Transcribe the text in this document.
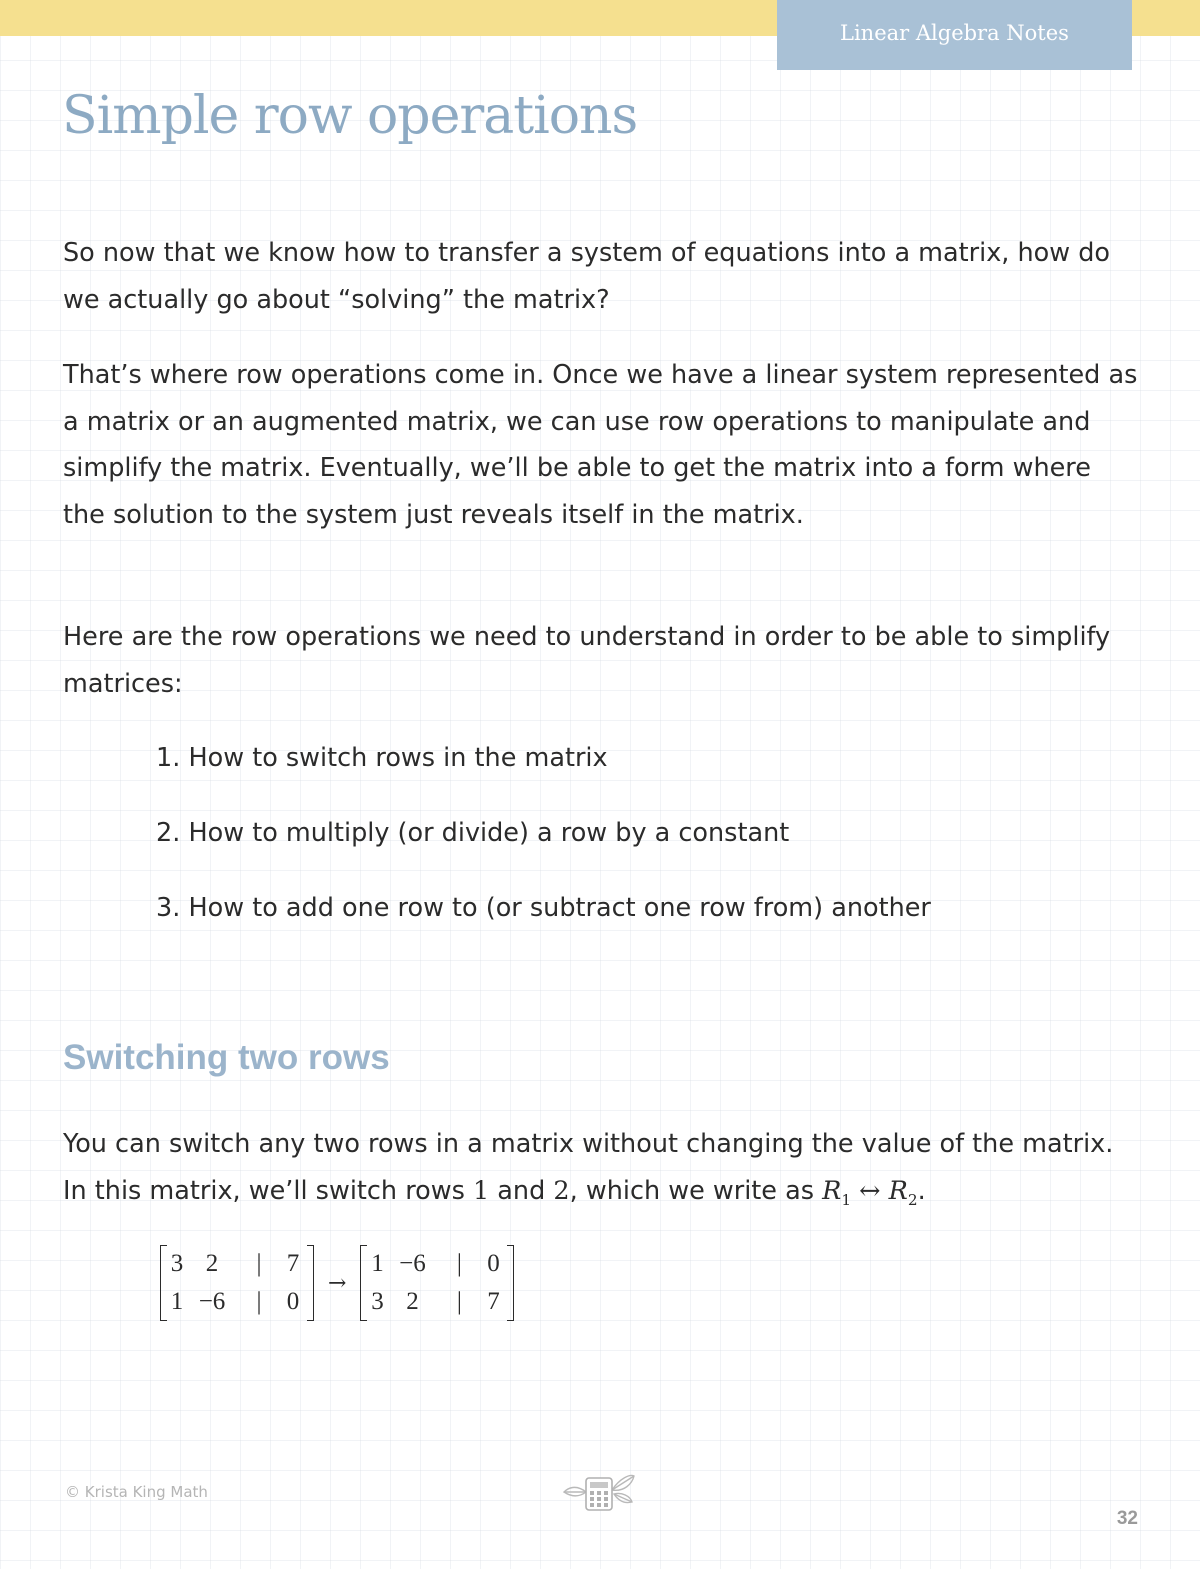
Linear Algebra Notes
Simple row operations

So now that we know how to transfer a system of equations into a matrix, how do we actually go about “solving” the matrix?

That’s where row operations come in. Once we have a linear system represented as a matrix or an augmented matrix, we can use row operations to manipulate and simplify the matrix. Eventually, we’ll be able to get the matrix into a form where the solution to the system just reveals itself in the matrix.

Here are the row operations we need to understand in order to be able to simplify matrices:

1. How to switch rows in the matrix
2. How to multiply (or divide) a row by a constant
3. How to add one row to (or subtract one row from) another
Switching two rows

You can switch any two rows in a matrix without changing the value of the matrix. In this matrix, we’ll switch rows 1 and 2, which we write as $R_1$ ↔ $R_2$.

3 2	|	7
1 −6	|	0
→
1 −6	|	0
3 2	|	7

© Krista King Math

32
